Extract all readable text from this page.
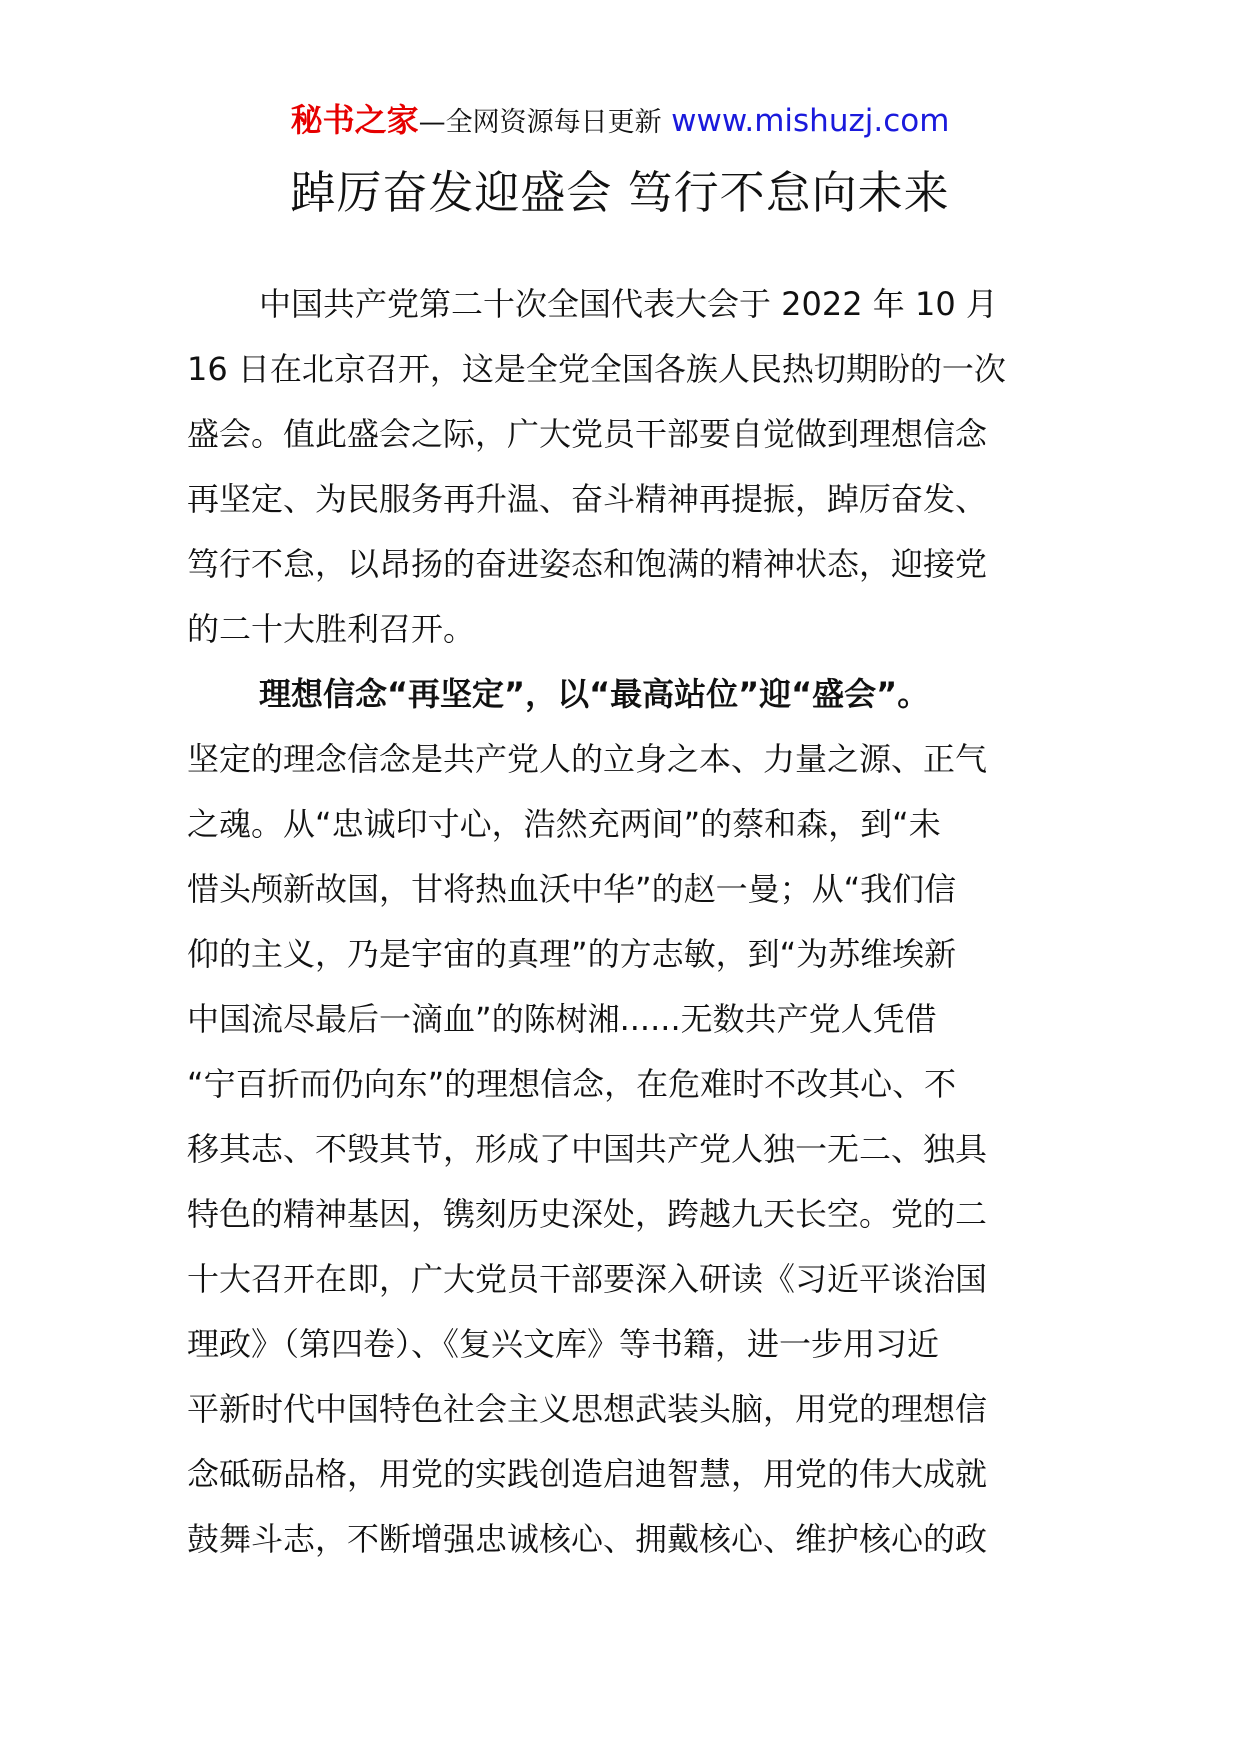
秘书之家—全网资源每日更新 www.mishuzj.com
踔厉奋发迎盛会 笃行不怠向未来
中国共产党第二十次全国代表大会于 2022 年 10 月
16 日在北京召开，这是全党全国各族人民热切期盼的一次
盛会。值此盛会之际，广大党员干部要自觉做到理想信念
再坚定、为民服务再升温、奋斗精神再提振，踔厉奋发、
笃行不怠，以昂扬的奋进姿态和饱满的精神状态，迎接党
的二十大胜利召开。
理想信念“再坚定”，以“最高站位”迎“盛会”。
坚定的理念信念是共产党人的立身之本、力量之源、正气
之魂。从“忠诚印寸心，浩然充两间”的蔡和森，到“未
惜头颅新故国，甘将热血沃中华”的赵一曼；从“我们信
仰的主义，乃是宇宙的真理”的方志敏，到“为苏维埃新
中国流尽最后一滴血”的陈树湘......无数共产党人凭借
“宁百折而仍向东”的理想信念，在危难时不改其心、不
移其志、不毁其节，形成了中国共产党人独一无二、独具
特色的精神基因，镌刻历史深处，跨越九天长空。党的二
十大召开在即，广大党员干部要深入研读《习近平谈治国
理政》（第四卷）、《复兴文库》等书籍，进一步用习近
平新时代中国特色社会主义思想武装头脑，用党的理想信
念砥砺品格，用党的实践创造启迪智慧，用党的伟大成就
鼓舞斗志，不断增强忠诚核心、拥戴核心、维护核心的政
